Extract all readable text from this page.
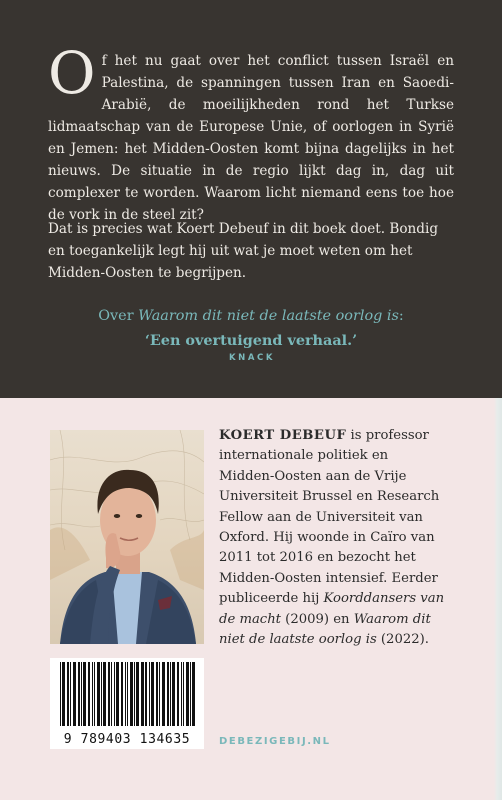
Of het nu gaat over het conflict tussen Israël en Palestina, de spanningen tussen Iran en Saoedi-Arabië, de moeilijkheden rond het Turkse lidmaatschap van de Europese Unie, of oorlogen in Syrië en Jemen: het Midden-Oosten komt bijna dagelijks in het nieuws. De situatie in de regio lijkt dag in, dag uit complexer te worden. Waarom licht niemand eens toe hoe de vork in de steel zit?

Dat is precies wat Koert Debeuf in dit boek doet. Bondig en toegankelijk legt hij uit wat je moet weten om het Midden-Oosten te begrijpen.

Over Waarom dit niet de laatste oorlog is:
‘Een overtuigend verhaal.’
KNACK
9 789403 134635

KOERT DEBEUF is professor internationale politiek en Midden-Oosten aan de Vrije Universiteit Brussel en Research Fellow aan de Universiteit van Oxford. Hij woonde in Caïro van 2011 tot 2016 en bezocht het Midden-Oosten intensief. Eerder publiceerde hij Koorddansers van de macht (2009) en Waarom dit niet de laatste oorlog is (2022).

DEBEZIGEBIJ.NL
